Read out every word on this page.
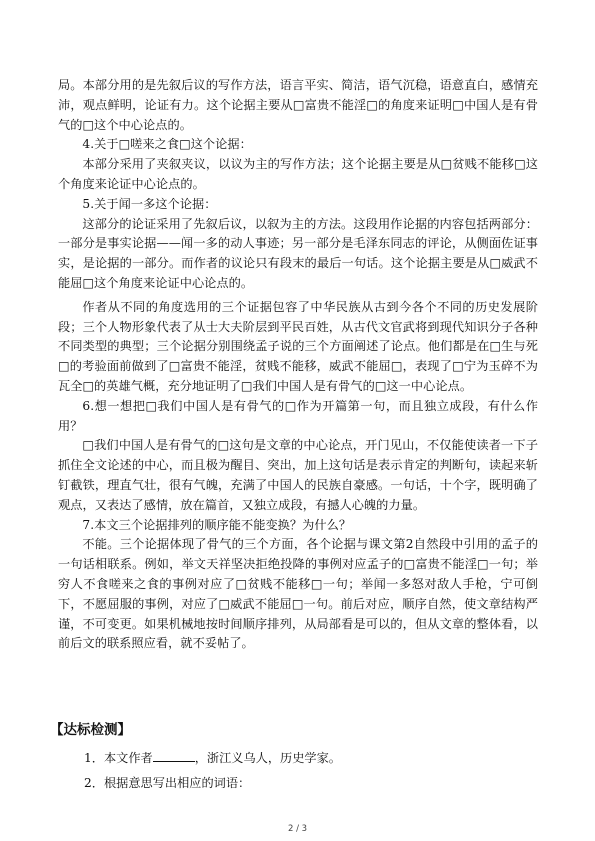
局。本部分用的是先叙后议的写作方法，语言平实、简洁，语气沉稳，语意直白，感情充沛，观点鲜明，论证有力。这个论据主要从□富贵不能淫□的角度来证明□中国人是有骨气的□这个中心论点的。

4.关于□嗟来之食□这个论据：

本部分采用了夹叙夹议，以议为主的写作方法；这个论据主要是从□贫贱不能移□这个角度来论证中心论点的。

5.关于闻一多这个论据：

这部分的论证采用了先叙后议，以叙为主的方法。这段用作论据的内容包括两部分：一部分是事实论据——闻一多的动人事迹；另一部分是毛泽东同志的评论，从侧面佐证事实，是论据的一部分。而作者的议论只有段末的最后一句话。这个论据主要是从□威武不能屈□这个角度来论证中心论点的。

作者从不同的角度选用的三个证据包容了中华民族从古到今各个不同的历史发展阶段；三个人物形象代表了从士大夫阶层到平民百姓，从古代文官武将到现代知识分子各种不同类型的典型；三个论据分别围绕孟子说的三个方面阐述了论点。他们都是在□生与死□的考验面前做到了□富贵不能淫，贫贱不能移，威武不能屈□，表现了□宁为玉碎不为瓦全□的英雄气概，充分地证明了□我们中国人是有骨气的□这一中心论点。

6.想一想把□我们中国人是有骨气的□作为开篇第一句，而且独立成段，有什么作用？

□我们中国人是有骨气的□这句是文章的中心论点，开门见山，不仅能使读者一下子抓住全文论述的中心，而且极为醒目、突出，加上这句话是表示肯定的判断句，读起来斩钉截铁，理直气壮，很有气魄，充满了中国人的民族自豪感。一句话，十个字，既明确了观点，又表达了感情，放在篇首，又独立成段，有撼人心魄的力量。

7.本文三个论据排列的顺序能不能变换？为什么？

不能。三个论据体现了骨气的三个方面，各个论据与课文第2自然段中引用的孟子的一句话相联系。例如，举文天祥坚决拒绝投降的事例对应孟子的□富贵不能淫□一句；举穷人不食嗟来之食的事例对应了□贫贱不能移□一句；举闻一多怒对敌人手枪，宁可倒下，不愿屈服的事例，对应了□威武不能屈□一句。前后对应，顺序自然，使文章结构严谨，不可变更。如果机械地按时间顺序排列，从局部看是可以的，但从文章的整体看，以前后文的联系照应看，就不妥帖了。

【达标检测】
1．本文作者	，浙江义乌人，历史学家。
2．根据意思写出相应的词语：
2 / 3
